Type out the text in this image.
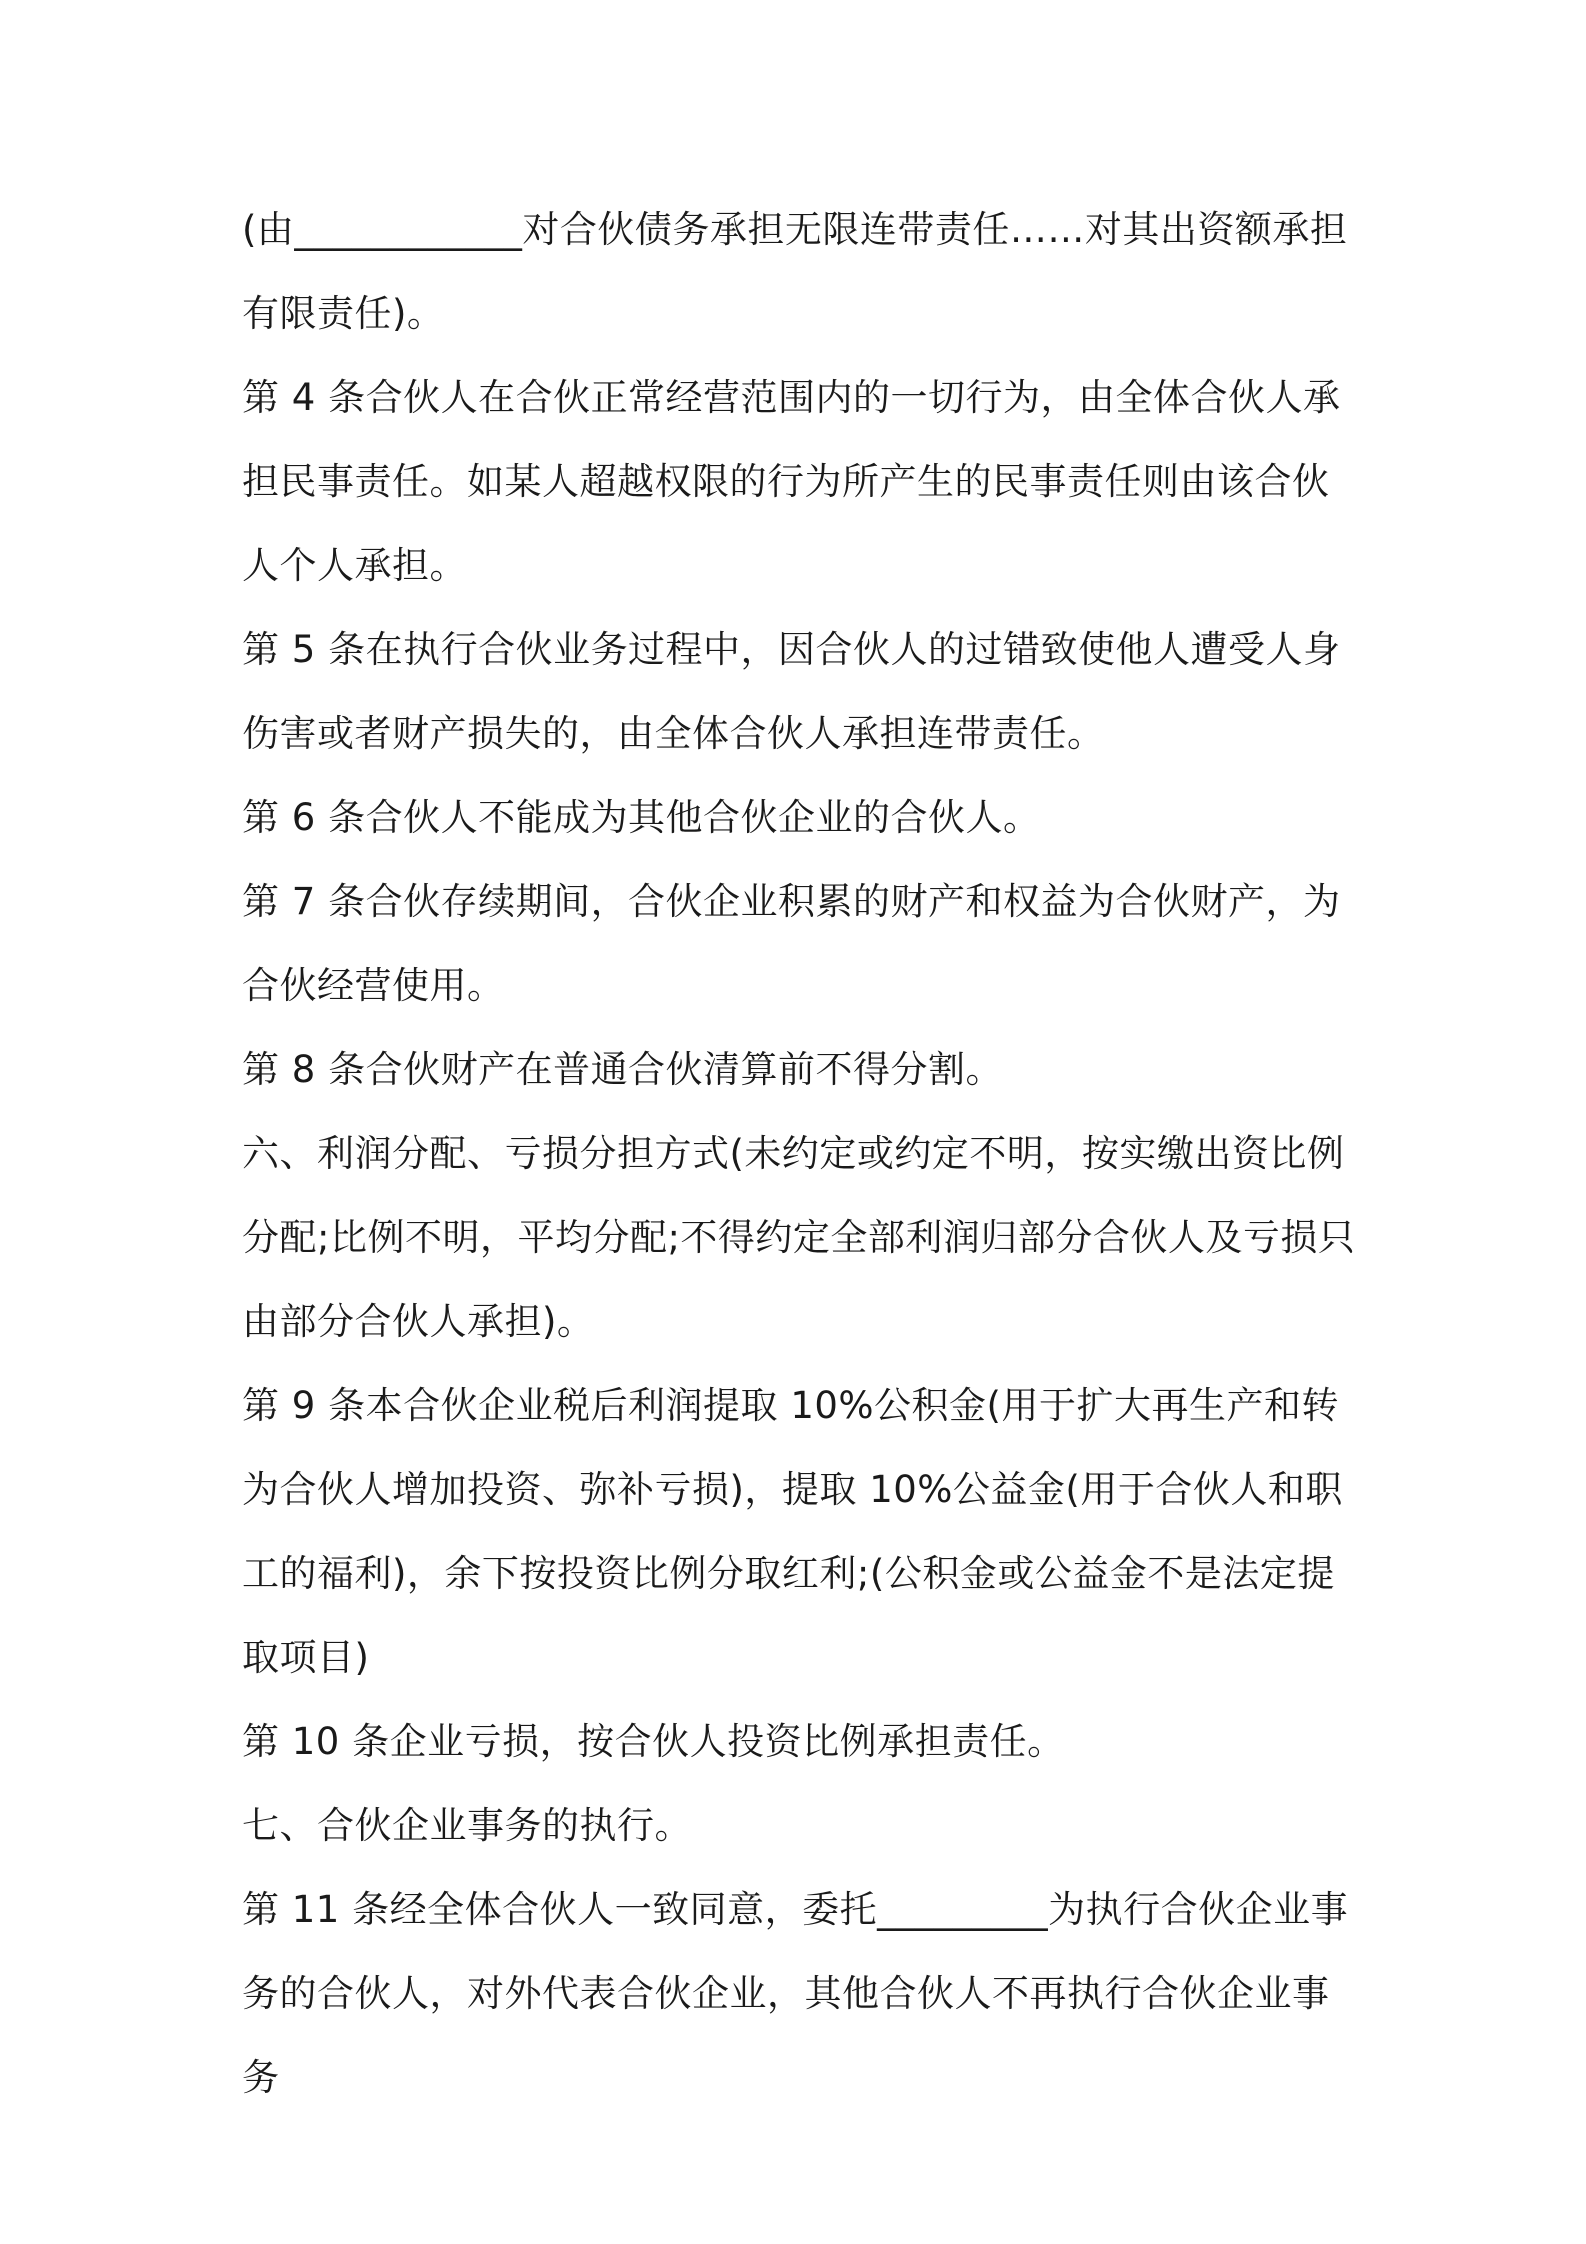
(由____________对合伙债务承担无限连带责任……对其出资额承担有限责任)。

第 4 条合伙人在合伙正常经营范围内的一切行为，由全体合伙人承担民事责任。如某人超越权限的行为所产生的民事责任则由该合伙人个人承担。

第 5 条在执行合伙业务过程中，因合伙人的过错致使他人遭受人身伤害或者财产损失的，由全体合伙人承担连带责任。

第 6 条合伙人不能成为其他合伙企业的合伙人。

第 7 条合伙存续期间，合伙企业积累的财产和权益为合伙财产，为合伙经营使用。

第 8 条合伙财产在普通合伙清算前不得分割。

六、利润分配、亏损分担方式(未约定或约定不明，按实缴出资比例分配;比例不明，平均分配;不得约定全部利润归部分合伙人及亏损只由部分合伙人承担)。

第 9 条本合伙企业税后利润提取 10%公积金(用于扩大再生产和转为合伙人增加投资、弥补亏损)，提取 10%公益金(用于合伙人和职工的福利)，余下按投资比例分取红利;(公积金或公益金不是法定提取项目)

第 10 条企业亏损，按合伙人投资比例承担责任。

七、合伙企业事务的执行。

第 11 条经全体合伙人一致同意，委托_________为执行合伙企业事务的合伙人，对外代表合伙企业，其他合伙人不再执行合伙企业事务
